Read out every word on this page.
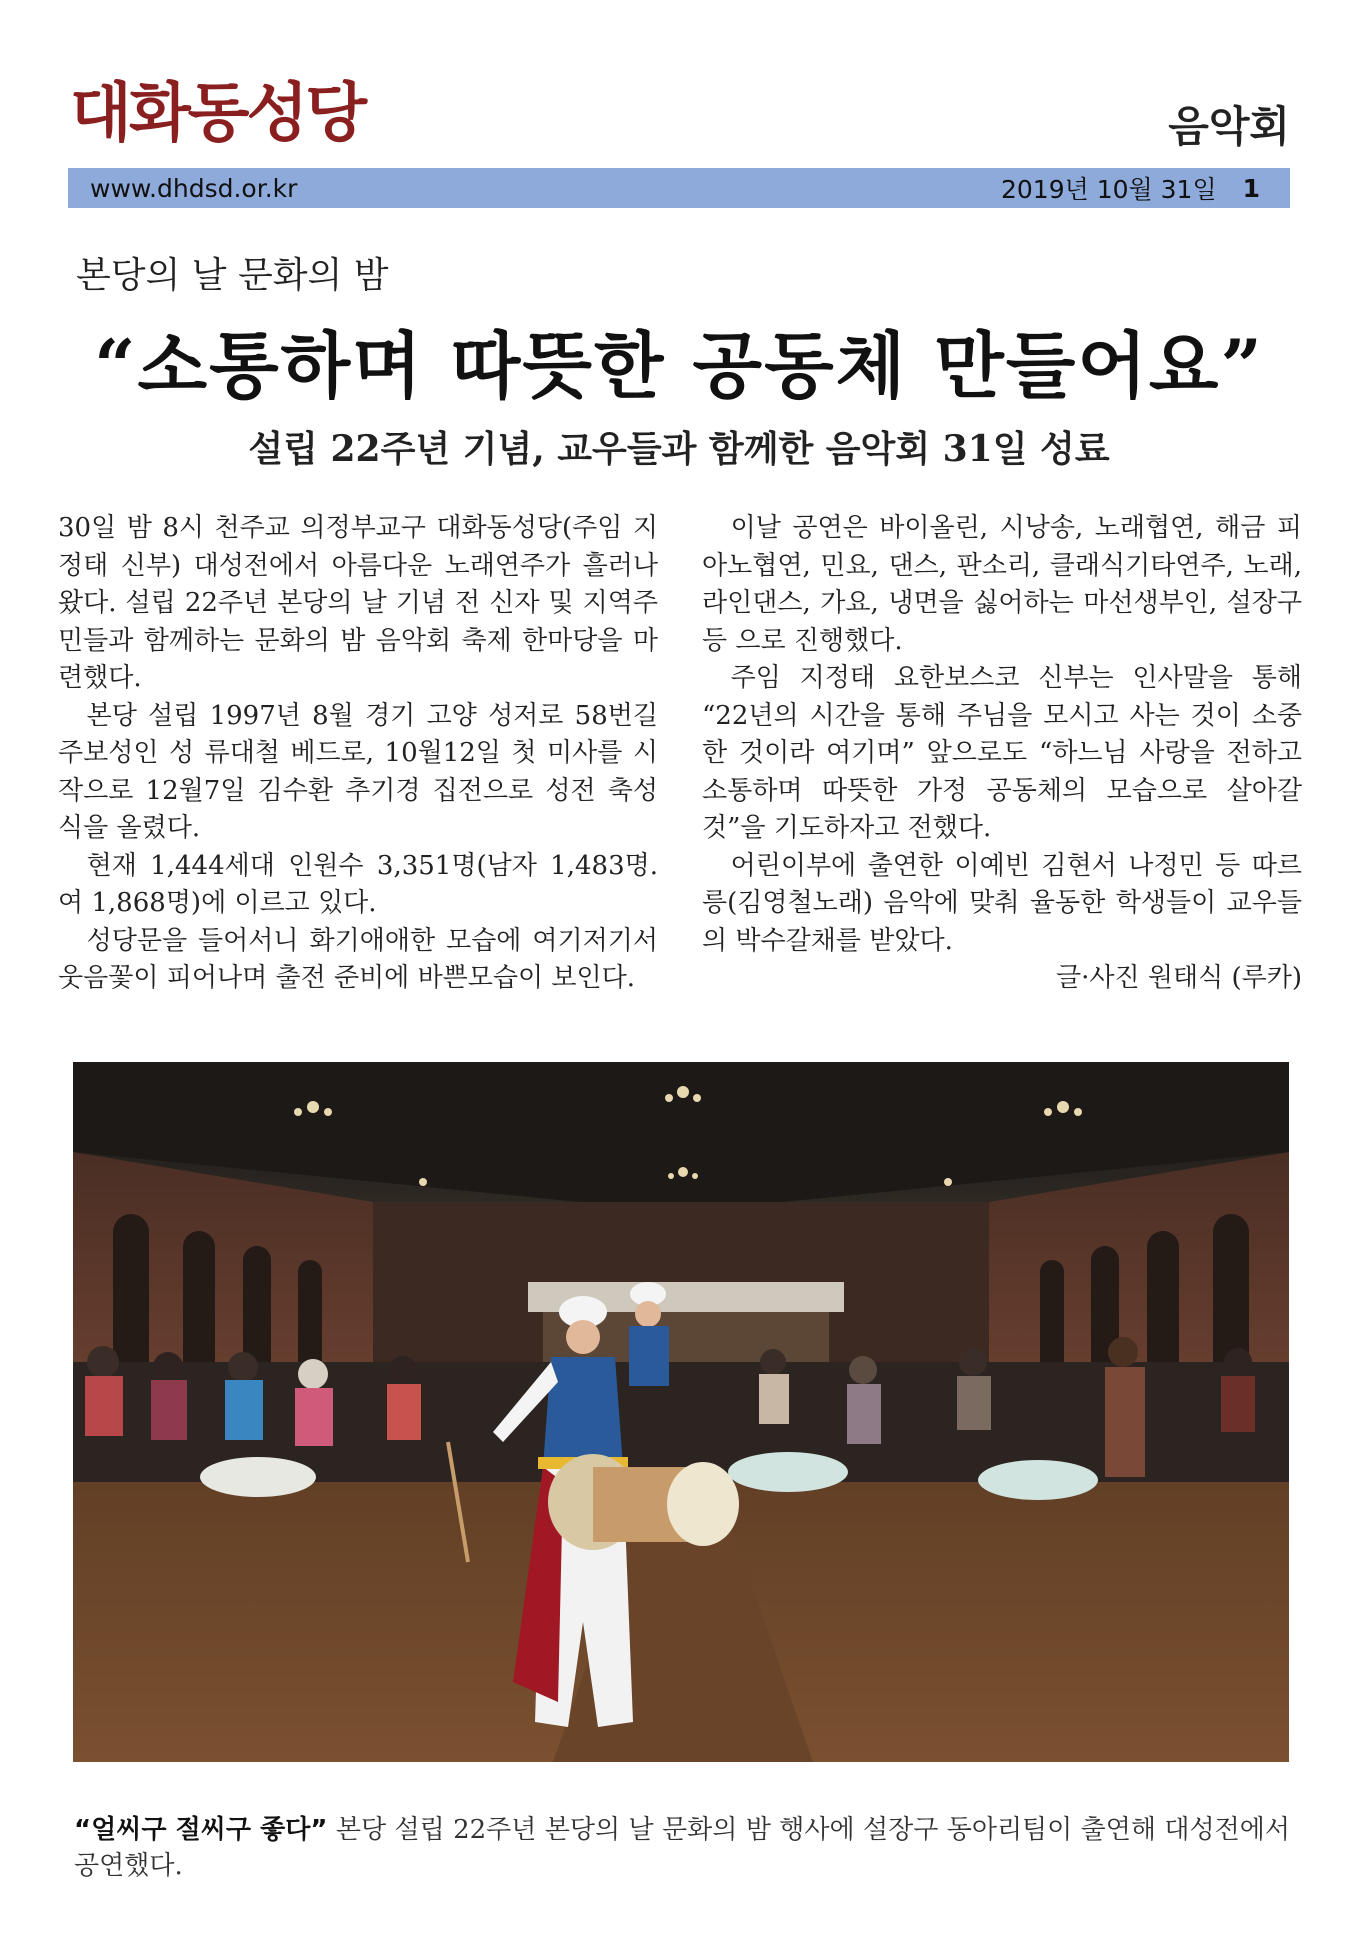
대화동성당	음악회
www.dhdsd.or.kr	2019년 10월 31일 1
본당의 날 문화의 밤
“소통하며 따뜻한 공동체 만들어요”
설립 22주년 기념, 교우들과 함께한 음악회 31일 성료

30일 밤 8시 천주교 의정부교구 대화동성당(주임 지정태 신부) 대성전에서 아름다운 노래연주가 흘러나왔다. 설립 22주년 본당의 날 기념 전 신자 및 지역주민들과 함께하는 문화의 밤 음악회 축제 한마당을 마련했다.

본당 설립 1997년 8월 경기 고양 성저로 58번길 주보성인 성 류대철 베드로, 10월12일 첫 미사를 시작으로 12월7일 김수환 추기경 집전으로 성전 축성식을 올렸다.

현재 1,444세대 인원수 3,351명(남자 1,483명. 여 1,868명)에 이르고 있다.

성당문을 들어서니 화기애애한 모습에 여기저기서 웃음꽃이 피어나며 출전 준비에 바쁜모습이 보인다.

이날 공연은 바이올린, 시낭송, 노래협연, 해금 피아노협연, 민요, 댄스, 판소리, 클래식기타연주, 노래, 라인댄스, 가요, 냉면을 싫어하는 마선생부인, 설장구 등 으로 진행했다.

주임 지정태 요한보스코 신부는 인사말을 통해 “22년의 시간을 통해 주님을 모시고 사는 것이 소중한 것이라 여기며” 앞으로도 “하느님 사랑을 전하고 소통하며 따뜻한 가정 공동체의 모습으로 살아갈 것”을 기도하자고 전했다.

어린이부에 출연한 이예빈 김현서 나정민 등 따르릉(김영철노래) 음악에 맞춰 율동한 학생들이 교우들의 박수갈채를 받았다.

글·사진 원태식 (루카)

“얼씨구 절씨구 좋다” 본당 설립 22주년 본당의 날 문화의 밤 행사에 설장구 동아리팀이 출연해 대성전에서 공연했다.
